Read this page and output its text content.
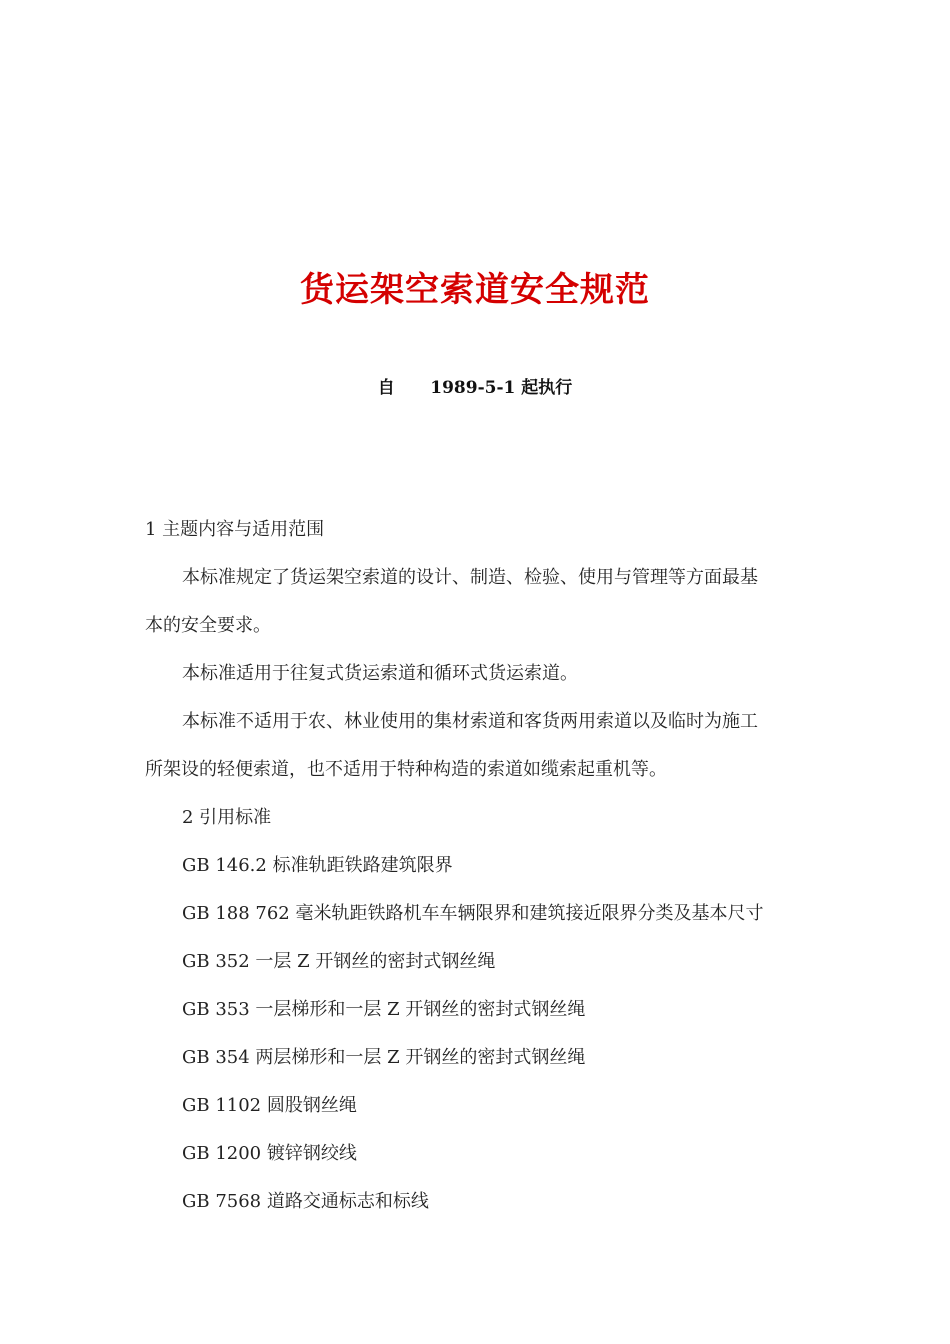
货运架空索道安全规范
自 1989-5-1 起执行

1 主题内容与适用范围

本标准规定了货运架空索道的设计、制造、检验、使用与管理等方面最基

本的安全要求。

本标准适用于往复式货运索道和循环式货运索道。

本标准不适用于农、林业使用的集材索道和客货两用索道以及临时为施工

所架设的轻便索道，也不适用于特种构造的索道如缆索起重机等。

2 引用标准

GB 146.2 标准轨距铁路建筑限界

GB 188 762 毫米轨距铁路机车车辆限界和建筑接近限界分类及基本尺寸

GB 352 一层 Z 开钢丝的密封式钢丝绳

GB 353 一层梯形和一层 Z 开钢丝的密封式钢丝绳

GB 354 两层梯形和一层 Z 开钢丝的密封式钢丝绳

GB 1102 圆股钢丝绳

GB 1200 镀锌钢绞线

GB 7568 道路交通标志和标线
